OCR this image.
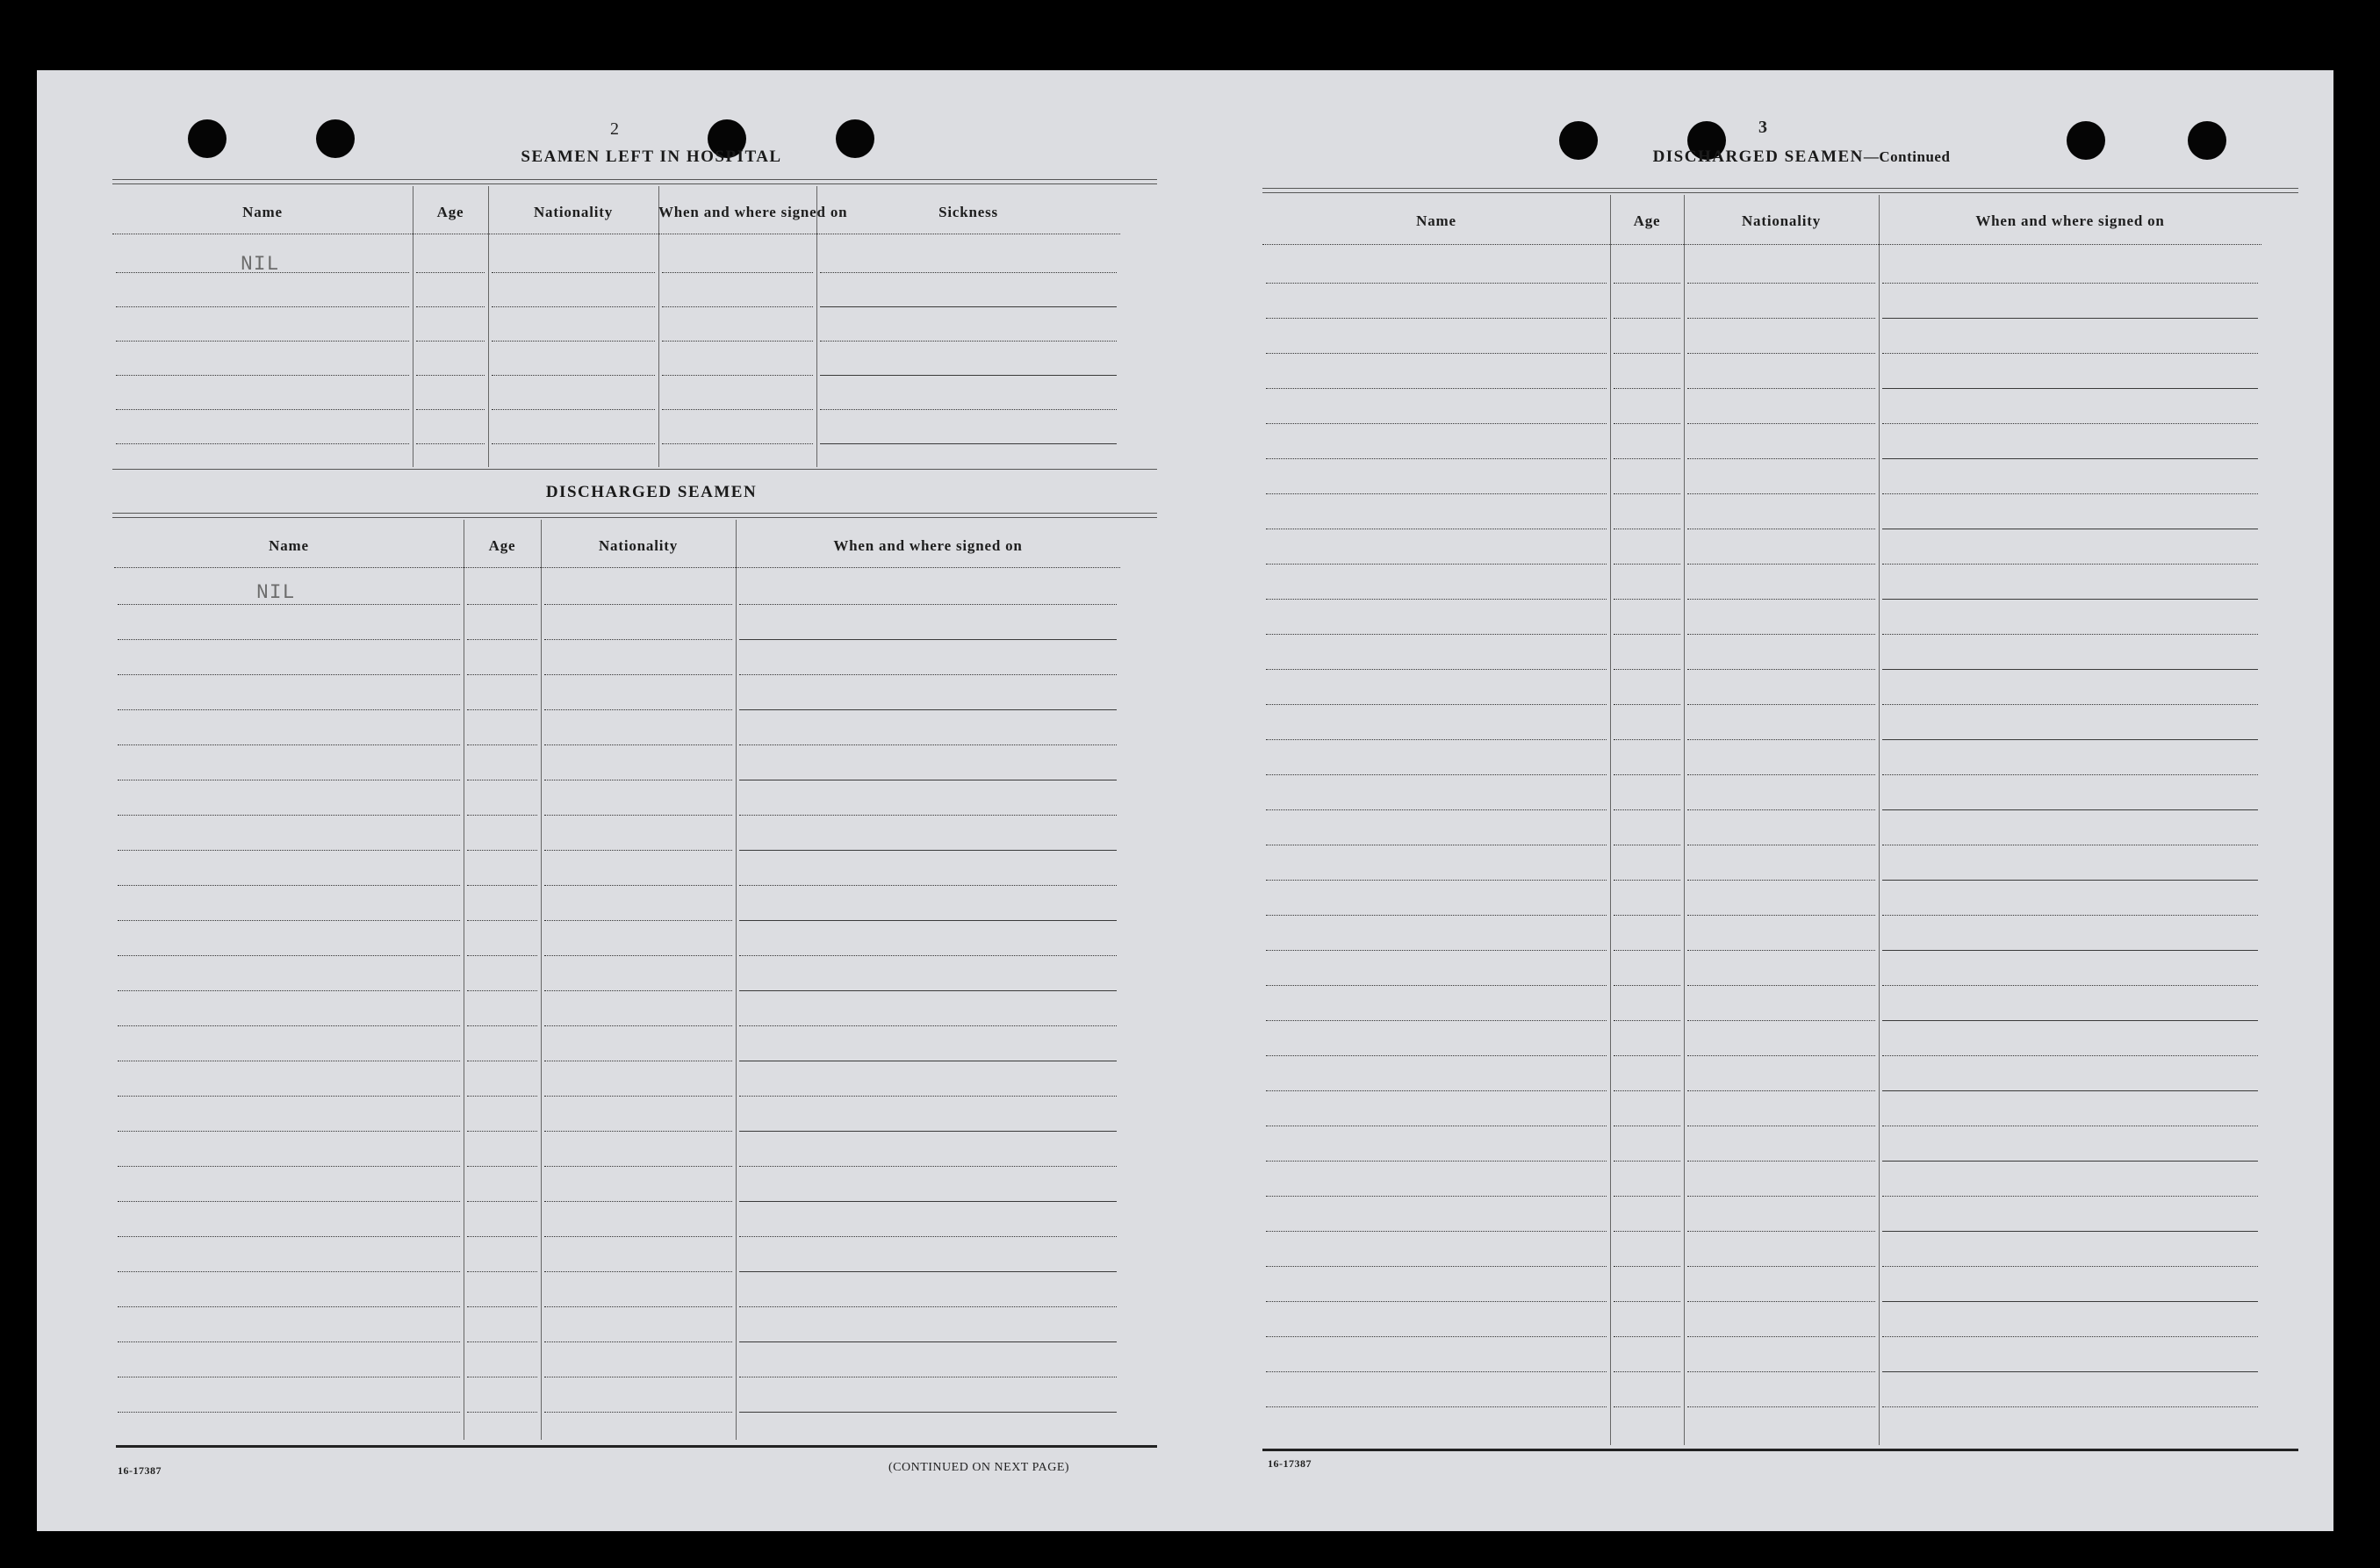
2
SEAMEN LEFT IN HOSPITAL
Name	Age	Nationality	When and where signed on	Sickness
NIL
DISCHARGED SEAMEN
Name	Age	Nationality	When and where signed on
NIL
16-17387	(CONTINUED ON NEXT PAGE)
3
DISCHARGED SEAMEN—Continued
Name	Age	Nationality	When and where signed on
16-17387
